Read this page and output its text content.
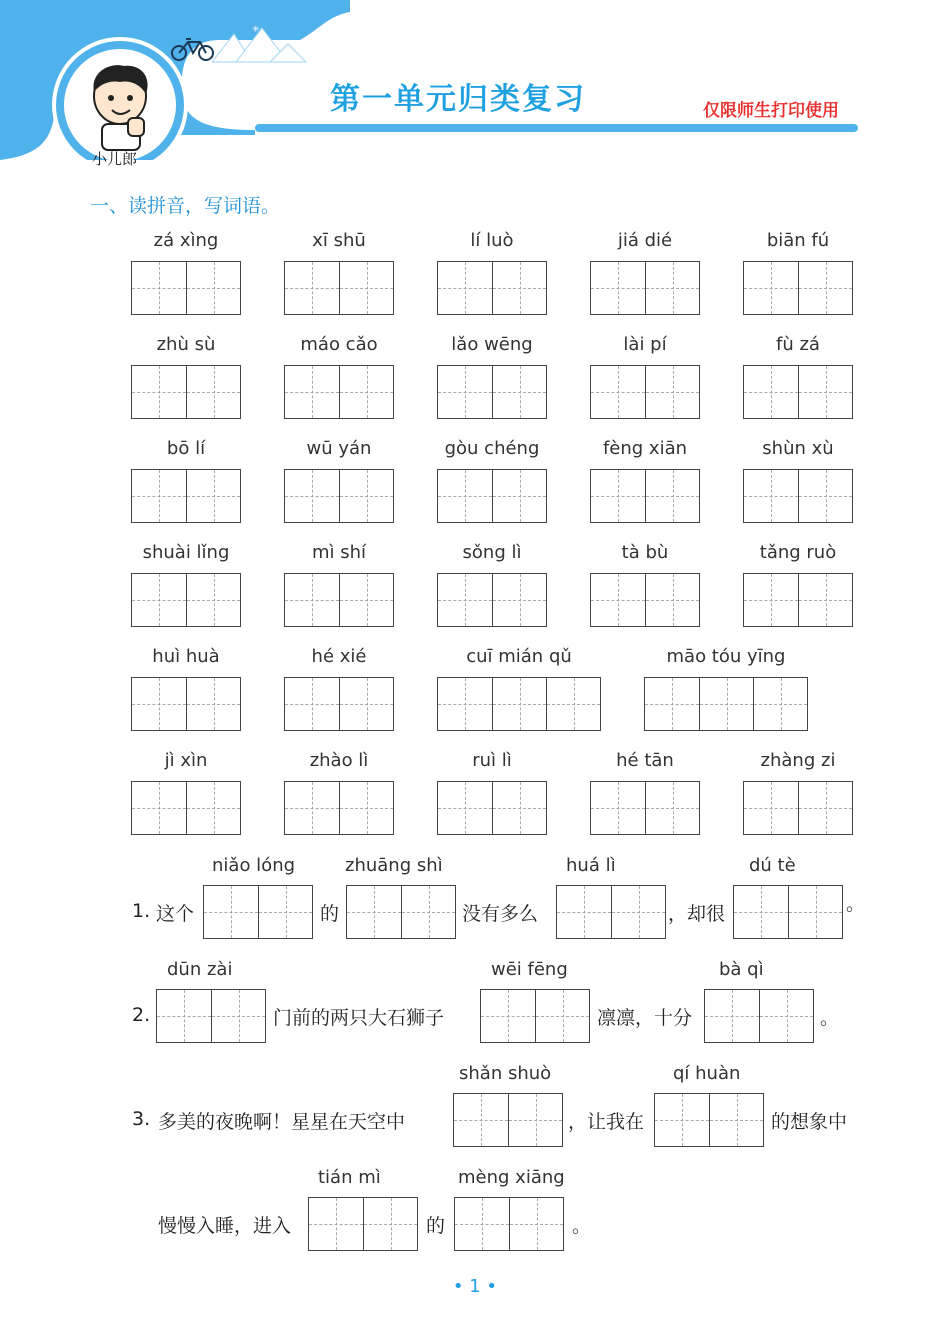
✳
第一单元归类复习	仅限师生打印使用
小儿郎
一、读拼音，写词语。
zá xìng	xī shū	lí luò	jiá dié	biān fú
zhù sù	máo cǎo	lǎo wēng	lài pí	fù zá
bō lí	wū yán	gòu chéng	fèng xiān	shùn xù
shuài lǐng	mì shí	sǒng lì	tà bù	tǎng ruò
huì huà	hé xié	cuī mián qǔ	māo tóu yīng
jì xìn	zhào lì	ruì lì	hé tān	zhàng zi
1. 这个
niǎo lóng
的
zhuāng shì
没有多么
huá lì
，却很
dú tè
。
2.
dūn zài
门前的两只大石狮子
wēi fēng
凛凛，十分
bà qì
。
3. 多美的夜晚啊！星星在天空中
shǎn shuò
，让我在
qí huàn
的想象中
慢慢入睡，进入
tián mì
的
mèng xiāng
。
• 1 •
